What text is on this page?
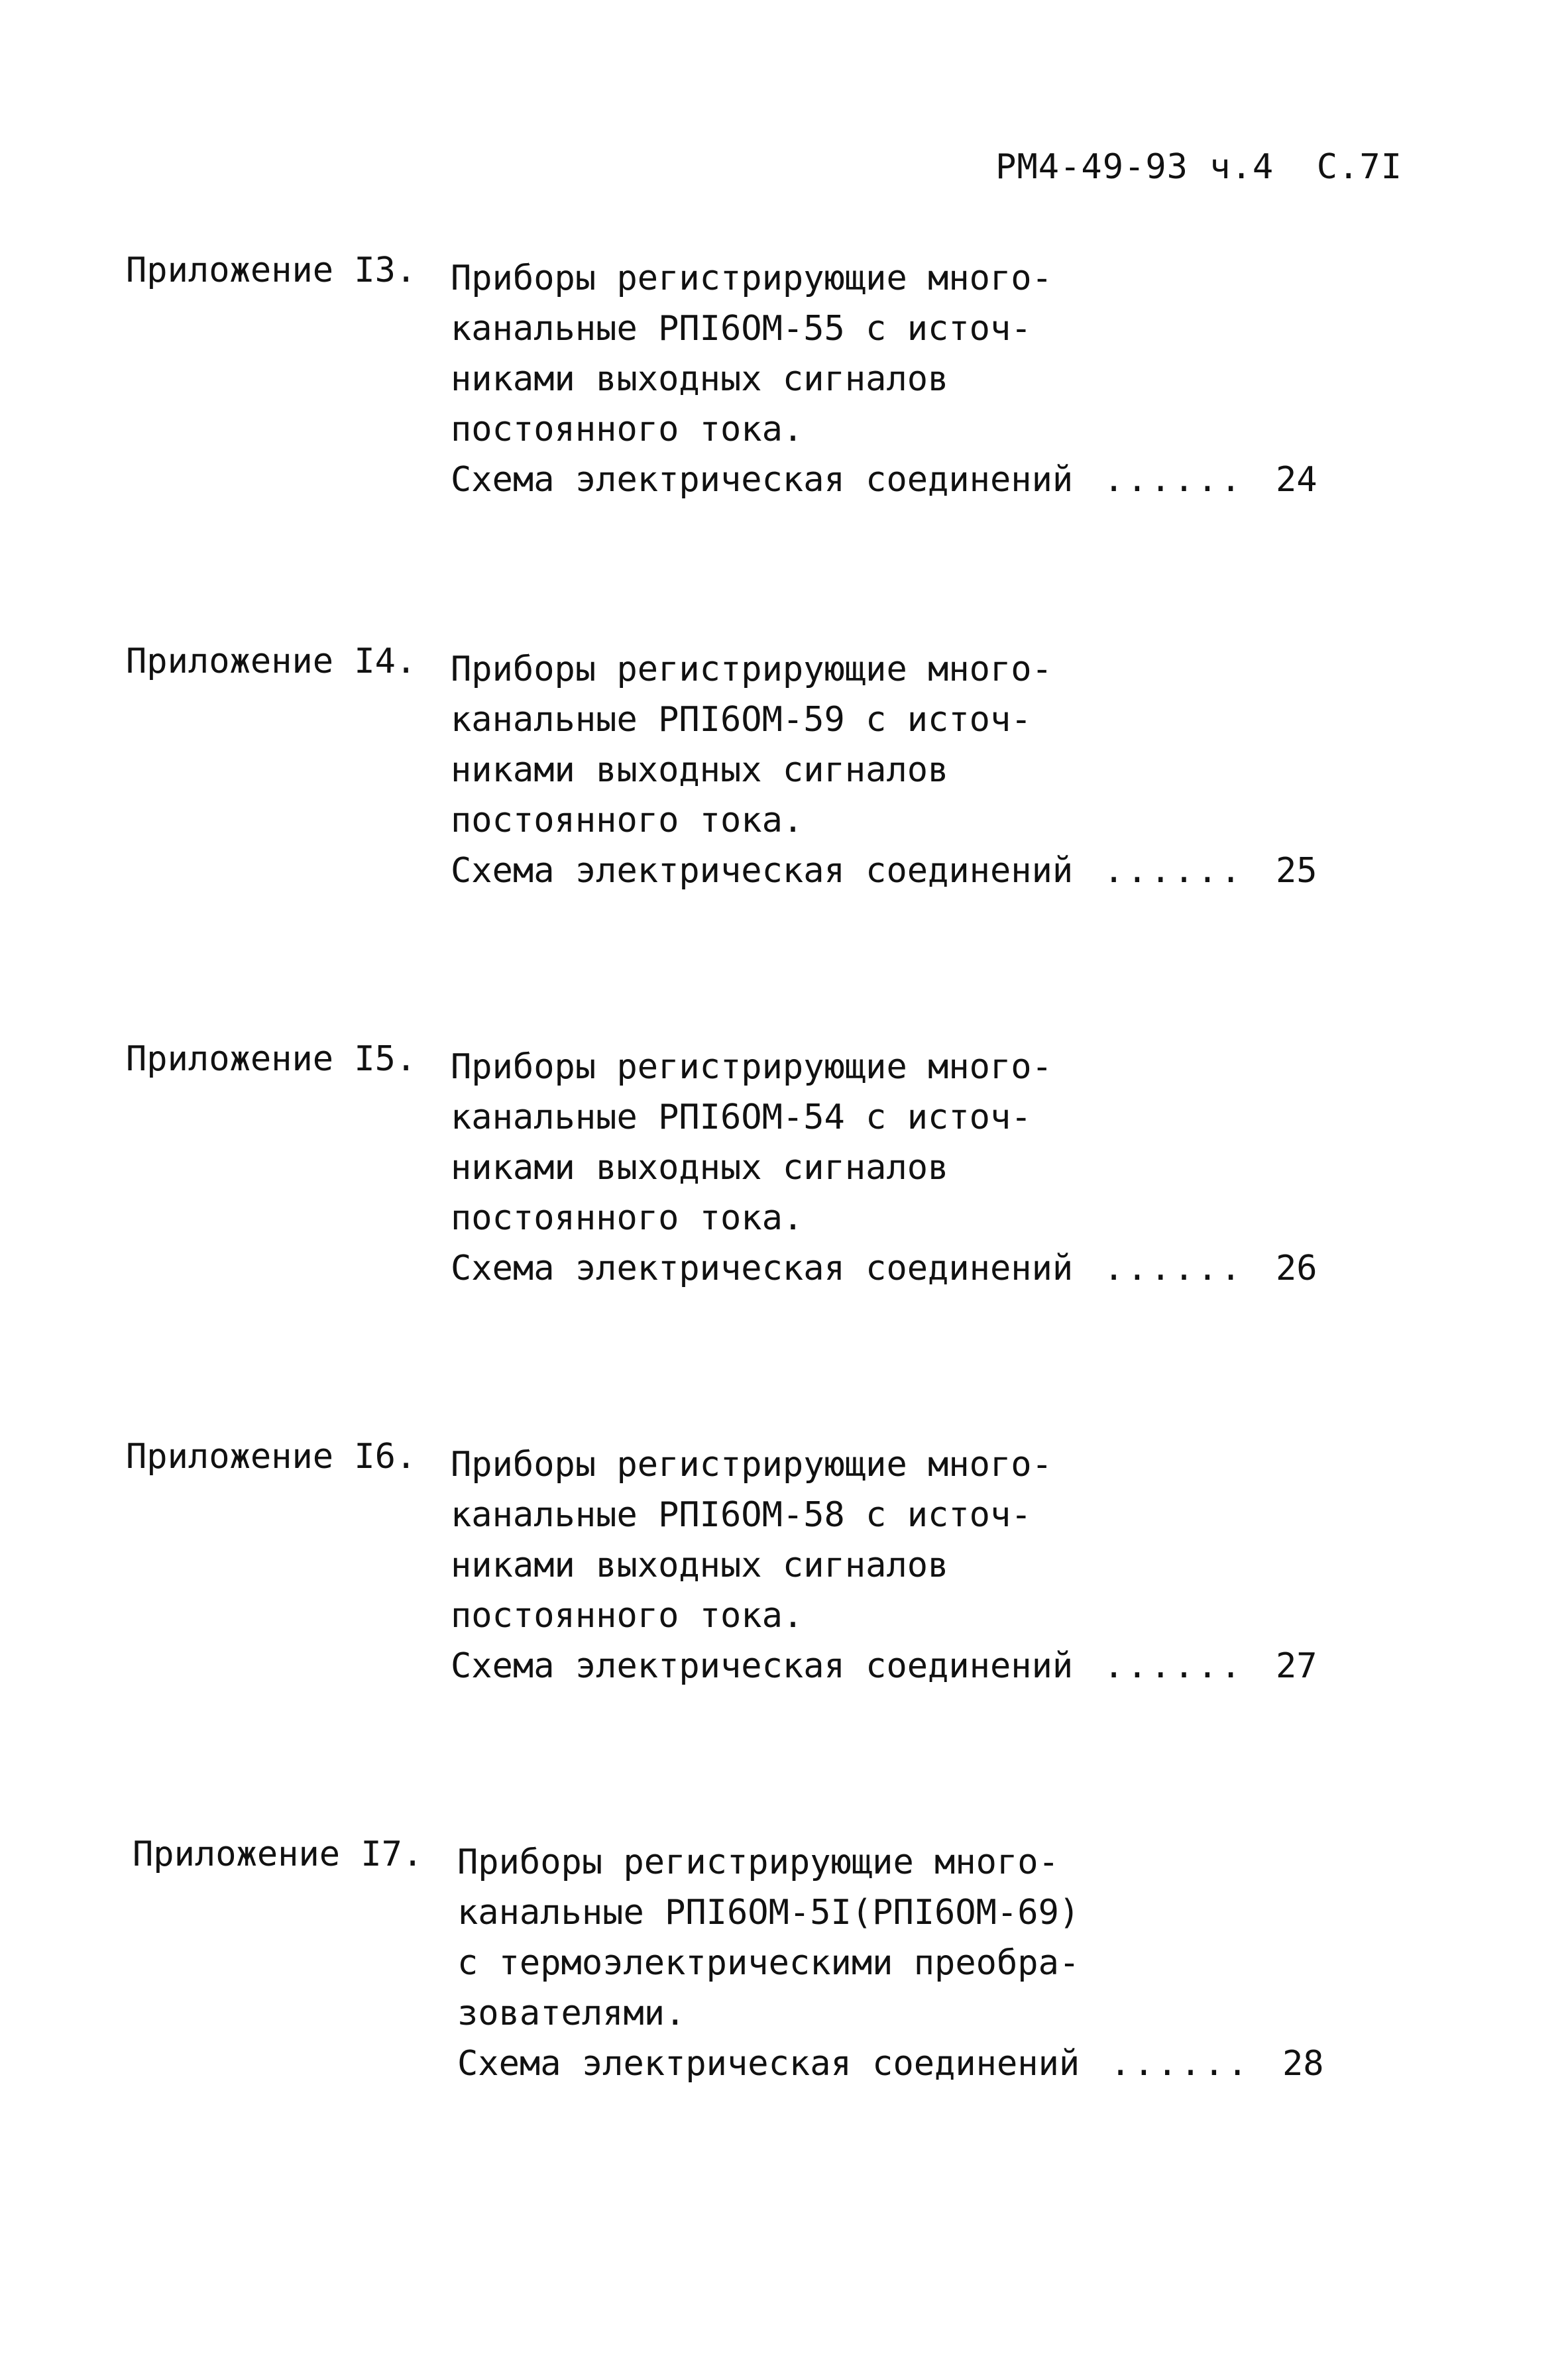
РМ4-49-93 ч.4  С.7I
Приложение I3. Приборы регистрирующие много-
канальные РПI6ОМ-55 с источ-
никами выходных сигналов
постоянного тока.

Схема электрическая соединений

......

24

Приложение I4. Приборы регистрирующие много-
канальные РПI6ОМ-59 с источ-
никами выходных сигналов
постоянного тока.

Схема электрическая соединений

......

25

Приложение I5. Приборы регистрирующие много-
канальные РПI6ОМ-54 с источ-
никами выходных сигналов
постоянного тока.

Схема электрическая соединений

......

26

Приложение I6. Приборы регистрирующие много-
канальные РПI6ОМ-58 с источ-
никами выходных сигналов
постоянного тока.

Схема электрическая соединений

......

27

Приложение I7. Приборы регистрирующие много-
канальные РПI6ОМ-5I(РПI6ОМ-69)
с термоэлектрическими преобра-
зователями.

Схема электрическая соединений

......

28
